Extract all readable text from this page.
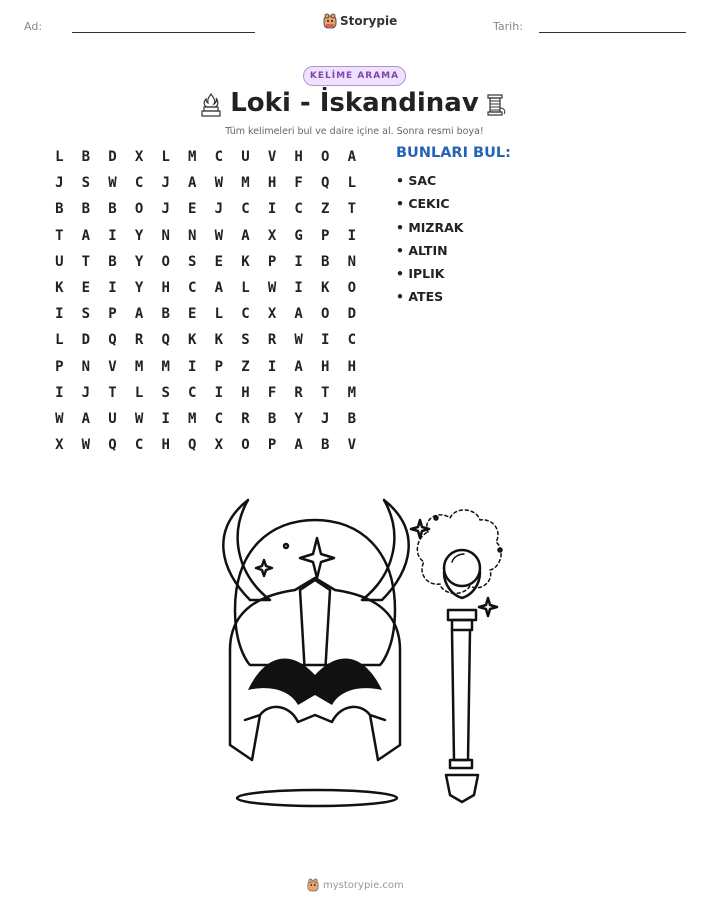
Ad:	Storypie	Tarih:
KELİME ARAMA
Loki - İskandinav
Tüm kelimeleri bul ve daire içine al. Sonra resmi boya!
L	B	D	X	L	M	C	U	V	H	O	A
J	S	W	C	J	A	W	M	H	F	Q	L
B	B	B	O	J	E	J	C	I	C	Z	T
T	A	I	Y	N	N	W	A	X	G	P	I
U	T	B	Y	O	S	E	K	P	I	B	N
K	E	I	Y	H	C	A	L	W	I	K	O
I	S	P	A	B	E	L	C	X	A	O	D
L	D	Q	R	Q	K	K	S	R	W	I	C
P	N	V	M	M	I	P	Z	I	A	H	H
I	J	T	L	S	C	I	H	F	R	T	M
W	A	U	W	I	M	C	R	B	Y	J	B
X	W	Q	C	H	Q	X	O	P	A	B	V
BUNLARI BUL:
• SAC
• CEKIC
• MIZRAK
• ALTIN
• IPLIK
• ATES
mystorypie.com
